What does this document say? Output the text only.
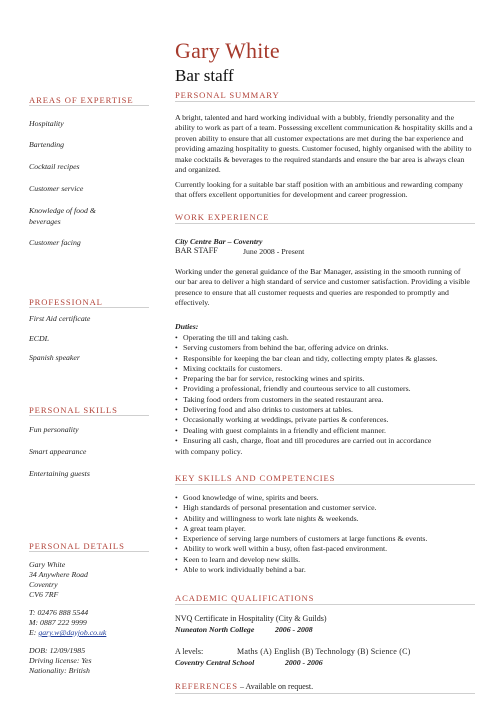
Gary White
Bar staff
AREAS OF EXPERTISE
Hospitality
Bartending
Cocktail recipes
Customer service
Knowledge of food &
beverages
Customer facing
PROFESSIONAL
First Aid certificate
ECDL
Spanish speaker
PERSONAL SKILLS
Fun personality
Smart appearance
Entertaining guests
PERSONAL DETAILS
Gary White
34 Anywhere Road
Coventry
CV6 7RF
T: 02476 888 5544
M: 0887 222 9999
E: gary.w@dayjob.co.uk
DOB: 12/09/1985
Driving license: Yes
Nationality: British
PERSONAL SUMMARY
A bright, talented and hard working individual with a bubbly, friendly personality and the ability to work as part of a team. Possessing excellent communication & hospitality skills and a proven ability to ensure that all customer expectations are met during the bar experience and providing amazing hospitality to guests. Customer focused, highly organised with the ability to make cocktails & beverages to the required standards and ensure the bar area is always clean and organized.
Currently looking for a suitable bar staff position with an ambitious and rewarding company that offers excellent opportunities for development and career progression.
WORK EXPERIENCE
City Centre Bar – Coventry
BAR STAFF	June 2008 - Present
Working under the general guidance of the Bar Manager, assisting in the smooth running of our bar area to deliver a high standard of service and customer satisfaction. Providing a visible presence to ensure that all customer requests and queries are responded to promptly and effectively.
Duties:
• Operating the till and taking cash.
• Serving customers from behind the bar, offering advice on drinks.
• Responsible for keeping the bar clean and tidy, collecting empty plates & glasses.
• Mixing cocktails for customers.
• Preparing the bar for service, restocking wines and spirits.
• Providing a professional, friendly and courteous service to all customers.
• Taking food orders from customers in the seated restaurant area.
• Delivering food and also drinks to customers at tables.
• Occasionally working at weddings, private parties & conferences.
• Dealing with guest complaints in a friendly and efficient manner.
• Ensuring all cash, charge, float and till procedures are carried out in accordance
with company policy.
KEY SKILLS AND COMPETENCIES
• Good knowledge of wine, spirits and beers.
• High standards of personal presentation and customer service.
• Ability and willingness to work late nights & weekends.
• A great team player.
• Experience of serving large numbers of customers at large functions & events.
• Ability to work well within a busy, often fast-paced environment.
• Keen to learn and develop new skills.
• Able to work individually behind a bar.
ACADEMIC QUALIFICATIONS
NVQ Certificate in Hospitality (City & Guilds)
Nuneaton North College	2006 - 2008
A levels:	Maths (A) English (B) Technology (B) Science (C)
Coventry Central School	2000 - 2006
REFERENCES – Available on request.
